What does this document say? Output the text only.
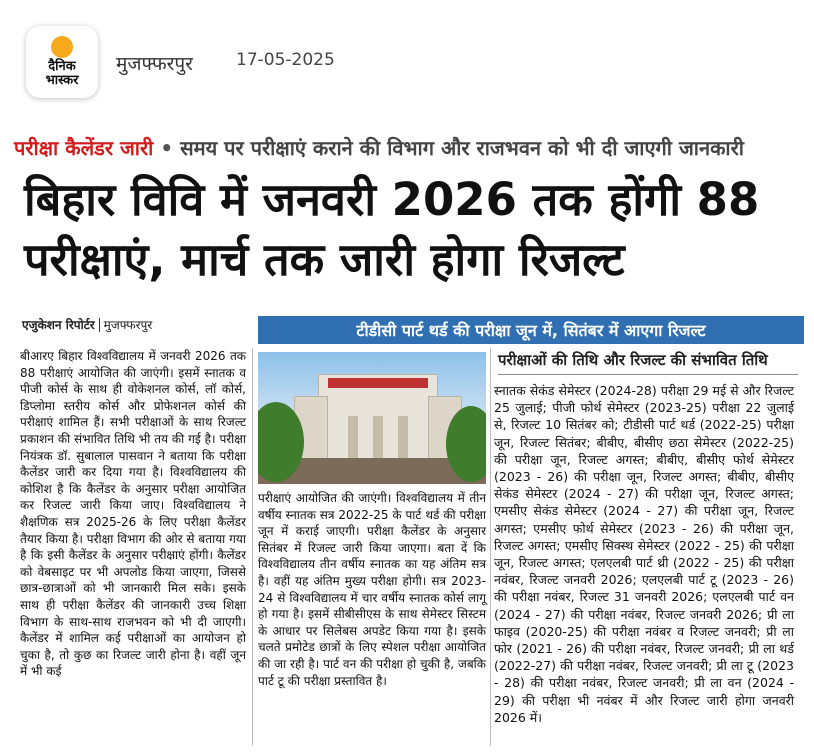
दैनिक
भास्कर
मुजफ्फरपुर	17-05-2025
परीक्षा कैलेंडर जारी • समय पर परीक्षाएं कराने की विभाग और राजभवन को भी दी जाएगी जानकारी
बिहार विवि में जनवरी 2026 तक होंगी 88 परीक्षाएं, मार्च तक जारी होगा रिजल्ट
एजुकेशन रिपोर्टर मुजफ्फरपुर	टीडीसी पार्ट थर्ड की परीक्षा जून में, सितंबर में आएगा रिजल्ट
बीआरए बिहार विश्वविद्यालय में जनवरी 2026 तक 88 परीक्षाएं आयोजित की जाएंगी। इसमें स्नातक व पीजी कोर्स के साथ ही वोकेशनल कोर्स, लॉ कोर्स, डिप्लोमा स्तरीय कोर्स और प्रोफेशनल कोर्स की परीक्षाएं शामिल हैं। सभी परीक्षाओं के साथ रिजल्ट प्रकाशन की संभावित तिथि भी तय की गई है। परीक्षा नियंत्रक डॉ. सुबालाल पासवान ने बताया कि परीक्षा कैलेंडर जारी कर दिया गया है। विश्वविद्यालय की कोशिश है कि कैलेंडर के अनुसार परीक्षा आयोजित कर रिजल्ट जारी किया जाए। विश्वविद्यालय ने शैक्षणिक सत्र 2025-26 के लिए परीक्षा कैलेंडर तैयार किया है। परीक्षा विभाग की ओर से बताया गया है कि इसी कैलेंडर के अनुसार परीक्षाएं होंगी। कैलेंडर को वेबसाइट पर भी अपलोड किया जाएगा, जिससे छात्र-छात्राओं को भी जानकारी मिल सके। इसके साथ ही परीक्षा कैलेंडर की जानकारी उच्च शिक्षा विभाग के साथ-साथ राजभवन को भी दी जाएगी। कैलेंडर में शामिल कई परीक्षाओं का आयोजन हो चुका है, तो कुछ का रिजल्ट जारी होना है। वहीं जून में भी कई
परीक्षाएं आयोजित की जाएंगी। विश्वविद्यालय में तीन वर्षीय स्नातक सत्र 2022-25 के पार्ट थर्ड की परीक्षा जून में कराई जाएगी। परीक्षा कैलेंडर के अनुसार सितंबर में रिजल्ट जारी किया जाएगा। बता दें कि विश्वविद्यालय तीन वर्षीय स्नातक का यह अंतिम सत्र है। वहीं यह अंतिम मुख्य परीक्षा होगी। सत्र 2023-24 से विश्वविद्यालय में चार वर्षीय स्नातक कोर्स लागू हो गया है। इसमें सीबीसीएस के साथ सेमेस्टर सिस्टम के आधार पर सिलेबस अपडेट किया गया है। इसके चलते प्रमोटेड छात्रों के लिए स्पेशल परीक्षा आयोजित की जा रही है। पार्ट वन की परीक्षा हो चुकी है, जबकि पार्ट टू की परीक्षा प्रस्तावित है।
परीक्षाओं की तिथि और रिजल्ट की संभावित तिथि
स्नातक सेकंड सेमेस्टर (2024-28) परीक्षा 29 मई से और रिजल्ट 25 जुलाई; पीजी फोर्थ सेमेस्टर (2023-25) परीक्षा 22 जुलाई से, रिजल्ट 10 सितंबर को; टीडीसी पार्ट थर्ड (2022-25) परीक्षा जून, रिजल्ट सितंबर; बीबीए, बीसीए छठा सेमेस्टर (2022-25) की परीक्षा जून, रिजल्ट अगस्त; बीबीए, बीसीए फोर्थ सेमेस्टर (2023 - 26) की परीक्षा जून, रिजल्ट अगस्त; बीबीए, बीसीए सेकंड सेमेस्टर (2024 - 27) की परीक्षा जून, रिजल्ट अगस्त; एमसीए सेकंड सेमेस्टर (2024 - 27) की परीक्षा जून, रिजल्ट अगस्त; एमसीए फोर्थ सेमेस्टर (2023 - 26) की परीक्षा जून, रिजल्ट अगस्त; एमसीए सिक्स्थ सेमेस्टर (2022 - 25) की परीक्षा जून, रिजल्ट अगस्त; एलएलबी पार्ट थ्री (2022 - 25) की परीक्षा नवंबर, रिजल्ट जनवरी 2026; एलएलबी पार्ट टू (2023 - 26) की परीक्षा नवंबर, रिजल्ट 31 जनवरी 2026; एलएलबी पार्ट वन (2024 - 27) की परीक्षा नवंबर, रिजल्ट जनवरी 2026; प्री ला फाइव (2020-25) की परीक्षा नवंबर व रिजल्ट जनवरी; प्री ला फोर (2021 - 26) की परीक्षा नवंबर, रिजल्ट जनवरी; प्री ला थर्ड (2022-27) की परीक्षा नवंबर, रिजल्ट जनवरी; प्री ला टू (2023 - 28) की परीक्षा नवंबर, रिजल्ट जनवरी; प्री ला वन (2024 - 29) की परीक्षा भी नवंबर में और रिजल्ट जारी होगा जनवरी 2026 में।
